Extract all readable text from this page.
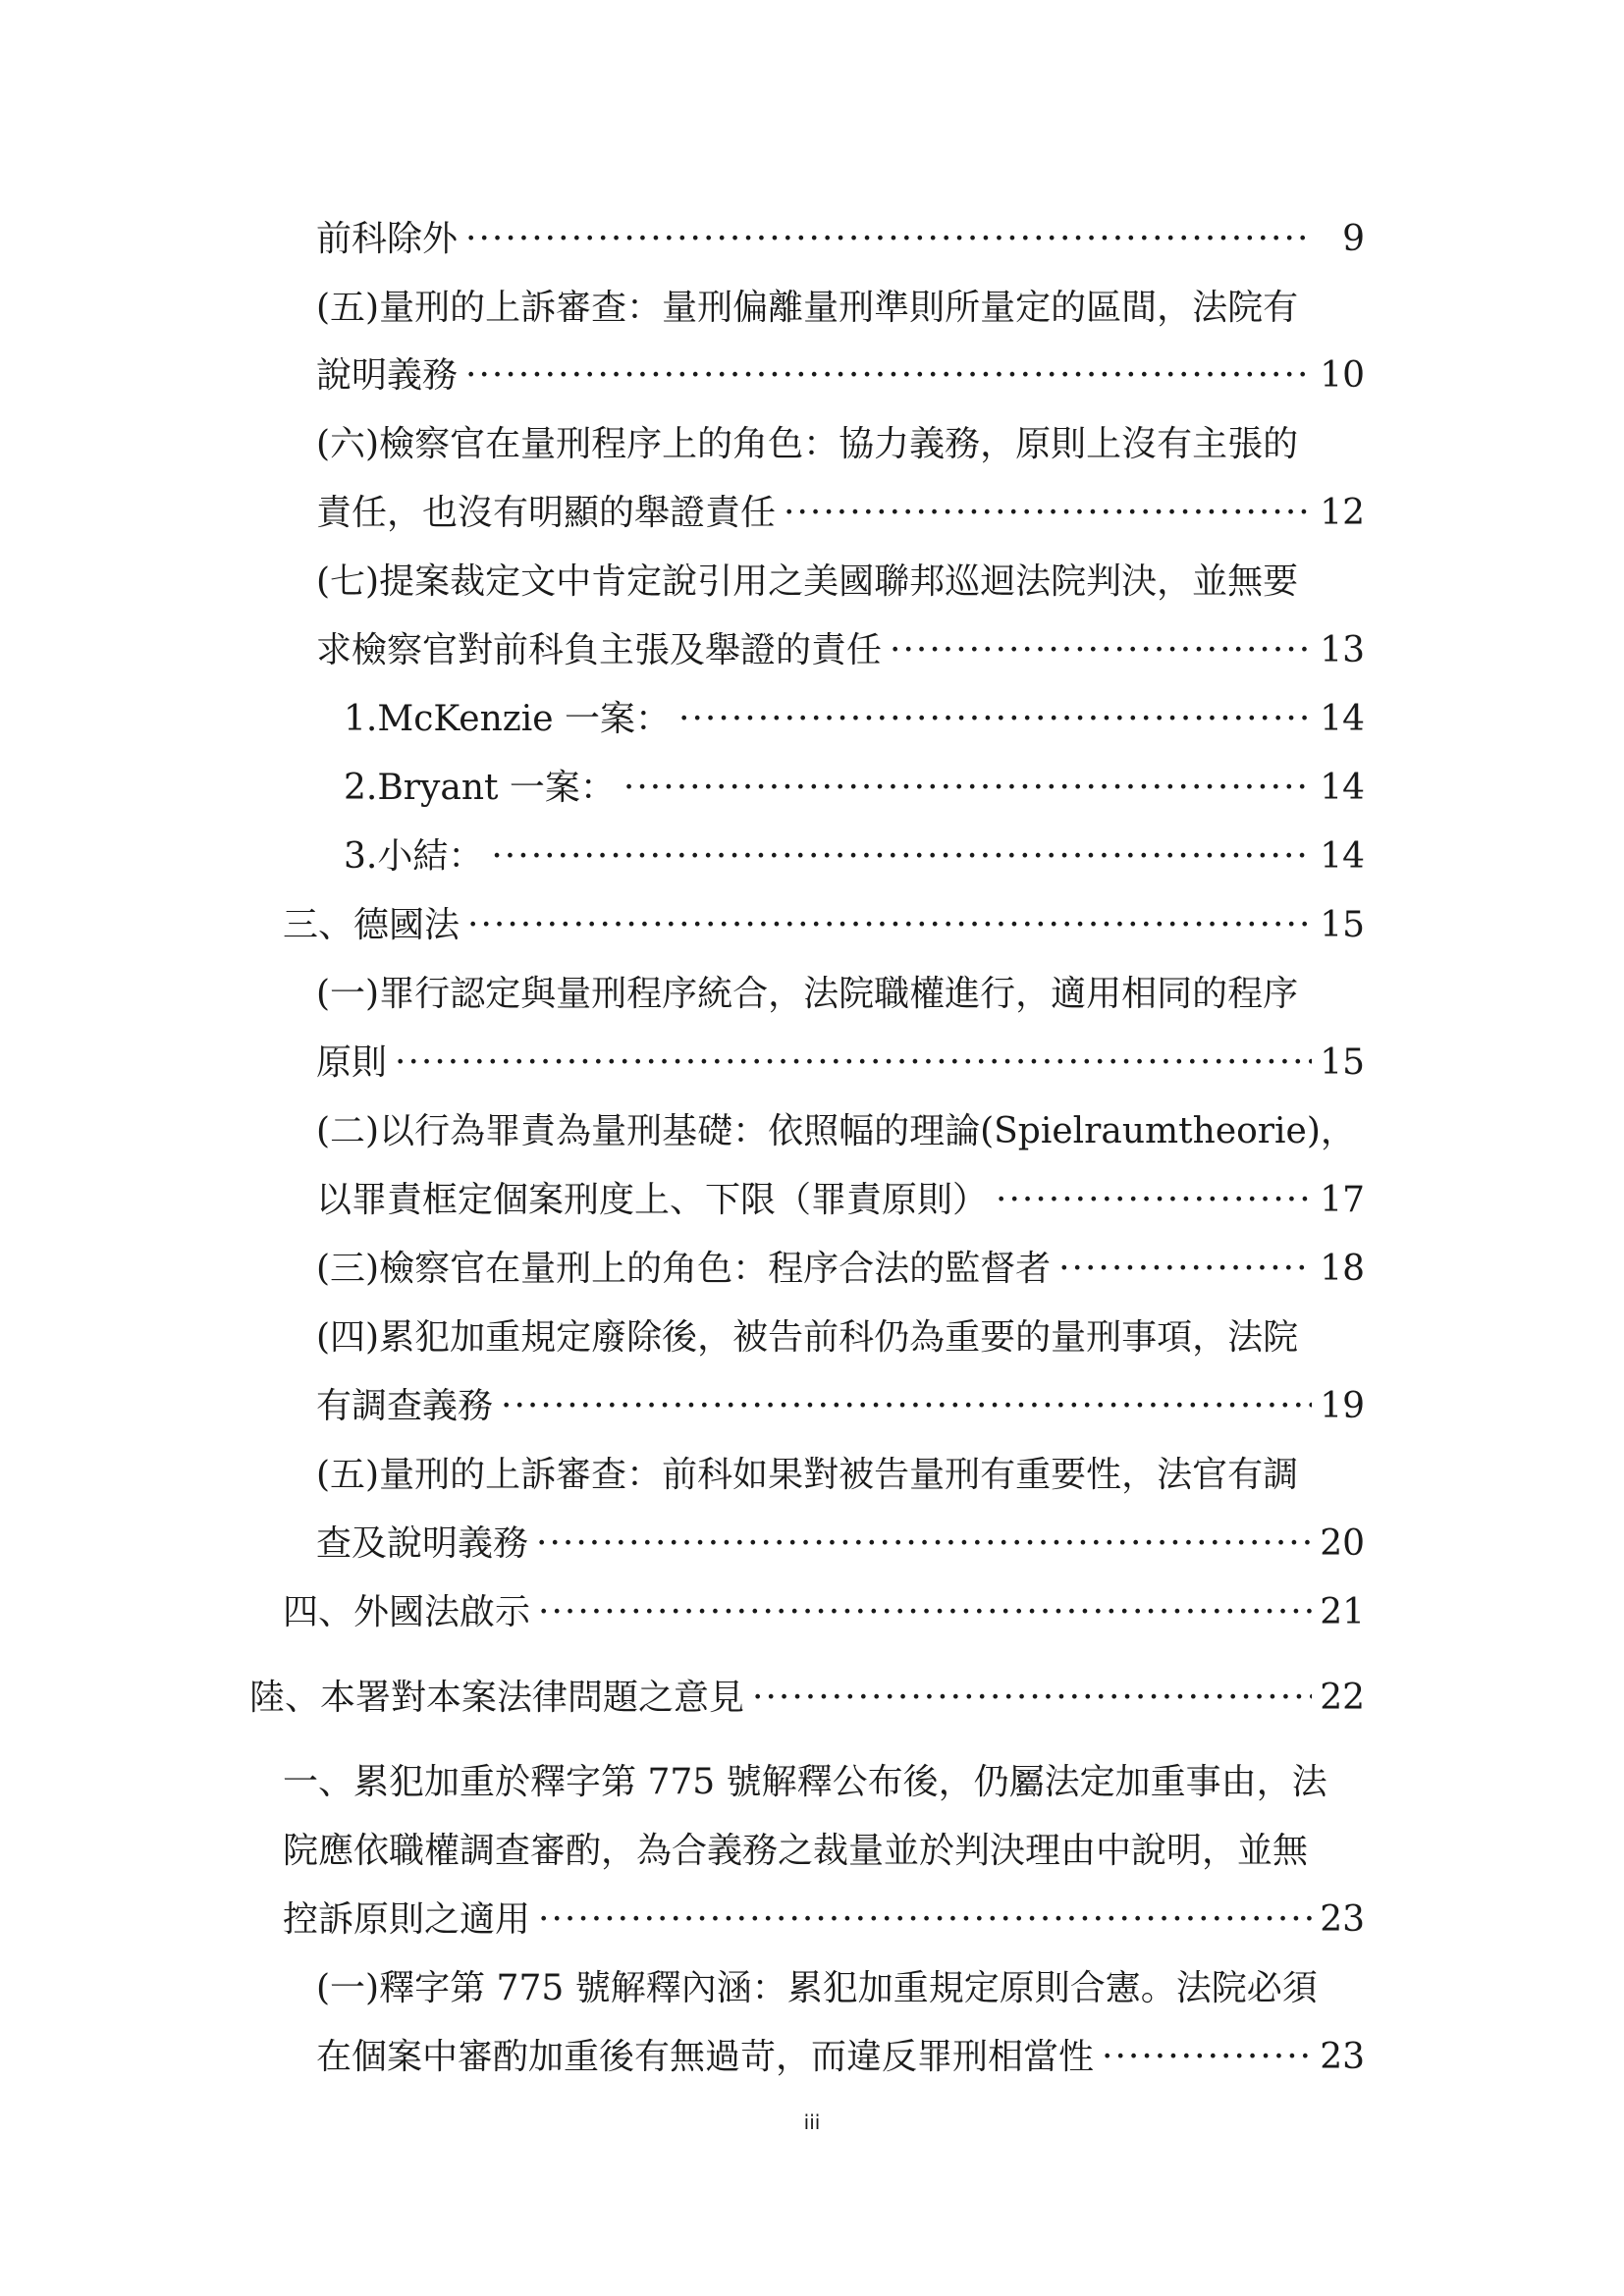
前科除外 ·····	9
(五)量刑的上訴審查：量刑偏離量刑準則所量定的區間，法院有
說明義務 ·····	10
(六)檢察官在量刑程序上的角色：協力義務，原則上沒有主張的
責任，也沒有明顯的舉證責任 ·····	12
(七)提案裁定文中肯定說引用之美國聯邦巡迴法院判決，並無要
求檢察官對前科負主張及舉證的責任 ·····	13
1.McKenzie 一案： ·····	14
2.Bryant 一案： ·····	14
3.小結： ·····	14
三、德國法 ·····	15
(一)罪行認定與量刑程序統合，法院職權進行，適用相同的程序
原則 ·····	15
(二)以行為罪責為量刑基礎：依照幅的理論(Spielraumtheorie)，
以罪責框定個案刑度上、下限（罪責原則） ·····	17
(三)檢察官在量刑上的角色：程序合法的監督者 ·····	18
(四)累犯加重規定廢除後，被告前科仍為重要的量刑事項，法院
有調查義務 ·····	19
(五)量刑的上訴審查：前科如果對被告量刑有重要性，法官有調
查及說明義務 ·····	20
四、外國法啟示 ·····	21
陸、本署對本案法律問題之意見 ·····	22
一、累犯加重於釋字第 775 號解釋公布後，仍屬法定加重事由，法
院應依職權調查審酌，為合義務之裁量並於判決理由中說明，並無
控訴原則之適用 ·····	23
(一)釋字第 775 號解釋內涵：累犯加重規定原則合憲。法院必須
在個案中審酌加重後有無過苛，而違反罪刑相當性 ·····	23
iii
